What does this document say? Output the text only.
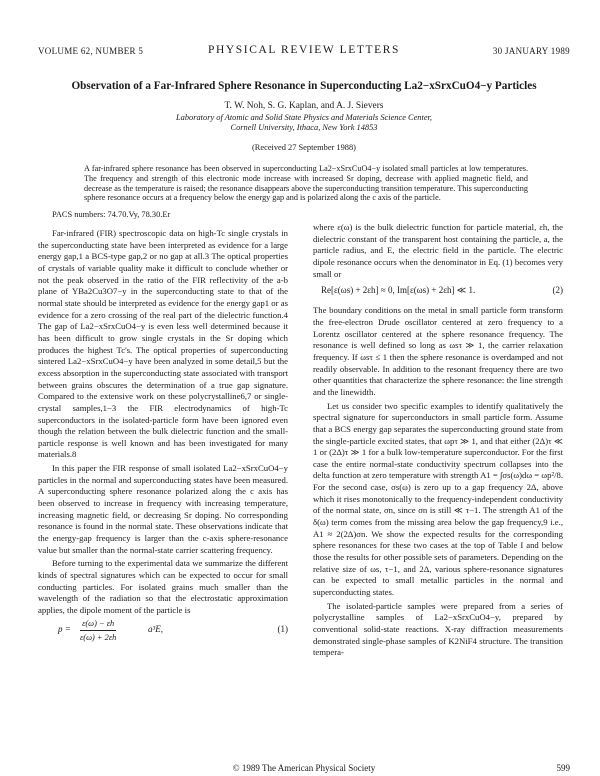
VOLUME 62, NUMBER 5	PHYSICAL REVIEW LETTERS	30 JANUARY 1989
Observation of a Far-Infrared Sphere Resonance in Superconducting La2−xSrxCuO4−y Particles
T. W. Noh, S. G. Kaplan, and A. J. Sievers
Laboratory of Atomic and Solid State Physics and Materials Science Center,
Cornell University, Ithaca, New York 14853
(Received 27 September 1988)
A far-infrared sphere resonance has been observed in superconducting La2−xSrxCuO4−y isolated small particles at low temperatures. The frequency and strength of this electronic mode increase with increased Sr doping, decrease with applied magnetic field, and decrease as the temperature is raised; the resonance disappears above the superconducting transition temperature. This superconducting sphere resonance occurs at a frequency below the energy gap and is polarized along the c axis of the particle.
PACS numbers: 74.70.Vy, 78.30.Er

Far-infrared (FIR) spectroscopic data on high-Tc single crystals in the superconducting state have been interpreted as evidence for a large energy gap,1 a BCS-type gap,2 or no gap at all.3 The optical properties of crystals of variable quality make it difficult to conclude whether or not the peak observed in the ratio of the FIR reflectivity of the a-b plane of YBa2Cu3O7−y in the superconducting state to that of the normal state should be interpreted as evidence for the energy gap1 or as evidence for a zero crossing of the real part of the dielectric function.4 The gap of La2−xSrxCuO4−y is even less well determined because it has been difficult to grow single crystals in the Sr doping which produces the highest Tc's. The optical properties of superconducting sintered La2−xSrxCuO4−y have been analyzed in some detail,5 but the excess absorption in the superconducting state associated with transport between grains obscures the determination of a true gap signature. Compared to the extensive work on these polycrystalline6,7 or single-crystal samples,1−3 the FIR electrodynamics of high-Tc superconductors in the isolated-particle form have been ignored even though the relation between the bulk dielectric function and the small-particle response is well known and has been investigated for many materials.8

In this paper the FIR response of small isolated La2−xSrxCuO4−y particles in the normal and superconducting states have been measured. A superconducting sphere resonance polarized along the c axis has been observed to increase in frequency with increasing temperature, increasing magnetic field, or decreasing Sr doping. No corresponding resonance is found in the normal state. These observations indicate that the energy-gap frequency is larger than the c-axis sphere-resonance value but smaller than the normal-state carrier scattering frequency.

Before turning to the experimental data we summarize the different kinds of spectral signatures which can be expected to occur for small conducting particles. For isolated grains much smaller than the wavelength of the radiation so that the electrostatic approximation applies, the dipole moment of the particle is

p =
ε(ω) − εh
ε(ω) + 2εh
a³E,	(1)

where ε(ω) is the bulk dielectric function for particle material, εh, the dielectric constant of the transparent host containing the particle, a, the particle radius, and E, the electric field in the particle. The electric dipole resonance occurs when the denominator in Eq. (1) becomes very small or

Re[ε(ωs) + 2εh] ≈ 0, Im[ε(ωs) + 2εh] ≪ 1.	(2)

The boundary conditions on the metal in small particle form transform the free-electron Drude oscillator centered at zero frequency to a Lorentz oscillator centered at the sphere resonance frequency. The resonance is well defined so long as ωsτ ≫ 1, the carrier relaxation frequency. If ωsτ ≤ 1 then the sphere resonance is overdamped and not readily observable. In addition to the resonant frequency there are two other quantities that characterize the sphere resonance: the line strength and the linewidth.

Let us consider two specific examples to identify qualitatively the spectral signature for superconductors in small particle form. Assume that a BCS energy gap separates the superconducting ground state from the single-particle excited states, that ωpτ ≫ 1, and that either (2Δ)τ ≪ 1 or (2Δ)τ ≫ 1 for a bulk low-temperature superconductor. For the first case the entire normal-state conductivity spectrum collapses into the delta function at zero temperature with strength A1 = ∫σs(ω)dω = ωp²/8. For the second case, σs(ω) is zero up to a gap frequency 2Δ, above which it rises monotonically to the frequency-independent conductivity of the normal state, σn, since σn is still ≪ τ−1. The strength A1 of the δ(ω) term comes from the missing area below the gap frequency,9 i.e., A1 ≈ 2(2Δ)σn. We show the expected results for the corresponding sphere resonances for these two cases at the top of Table I and below those the results for other possible sets of parameters. Depending on the relative size of ωs, τ−1, and 2Δ, various sphere-resonance signatures can be expected to small metallic particles in the normal and superconducting states.

The isolated-particle samples were prepared from a series of polycrystalline samples of La2−xSrxCuO4−y, prepared by conventional solid-state reactions. X-ray diffraction measurements demonstrated single-phase samples of K2NiF4 structure. The transition tempera-

© 1989 The American Physical Society	599
